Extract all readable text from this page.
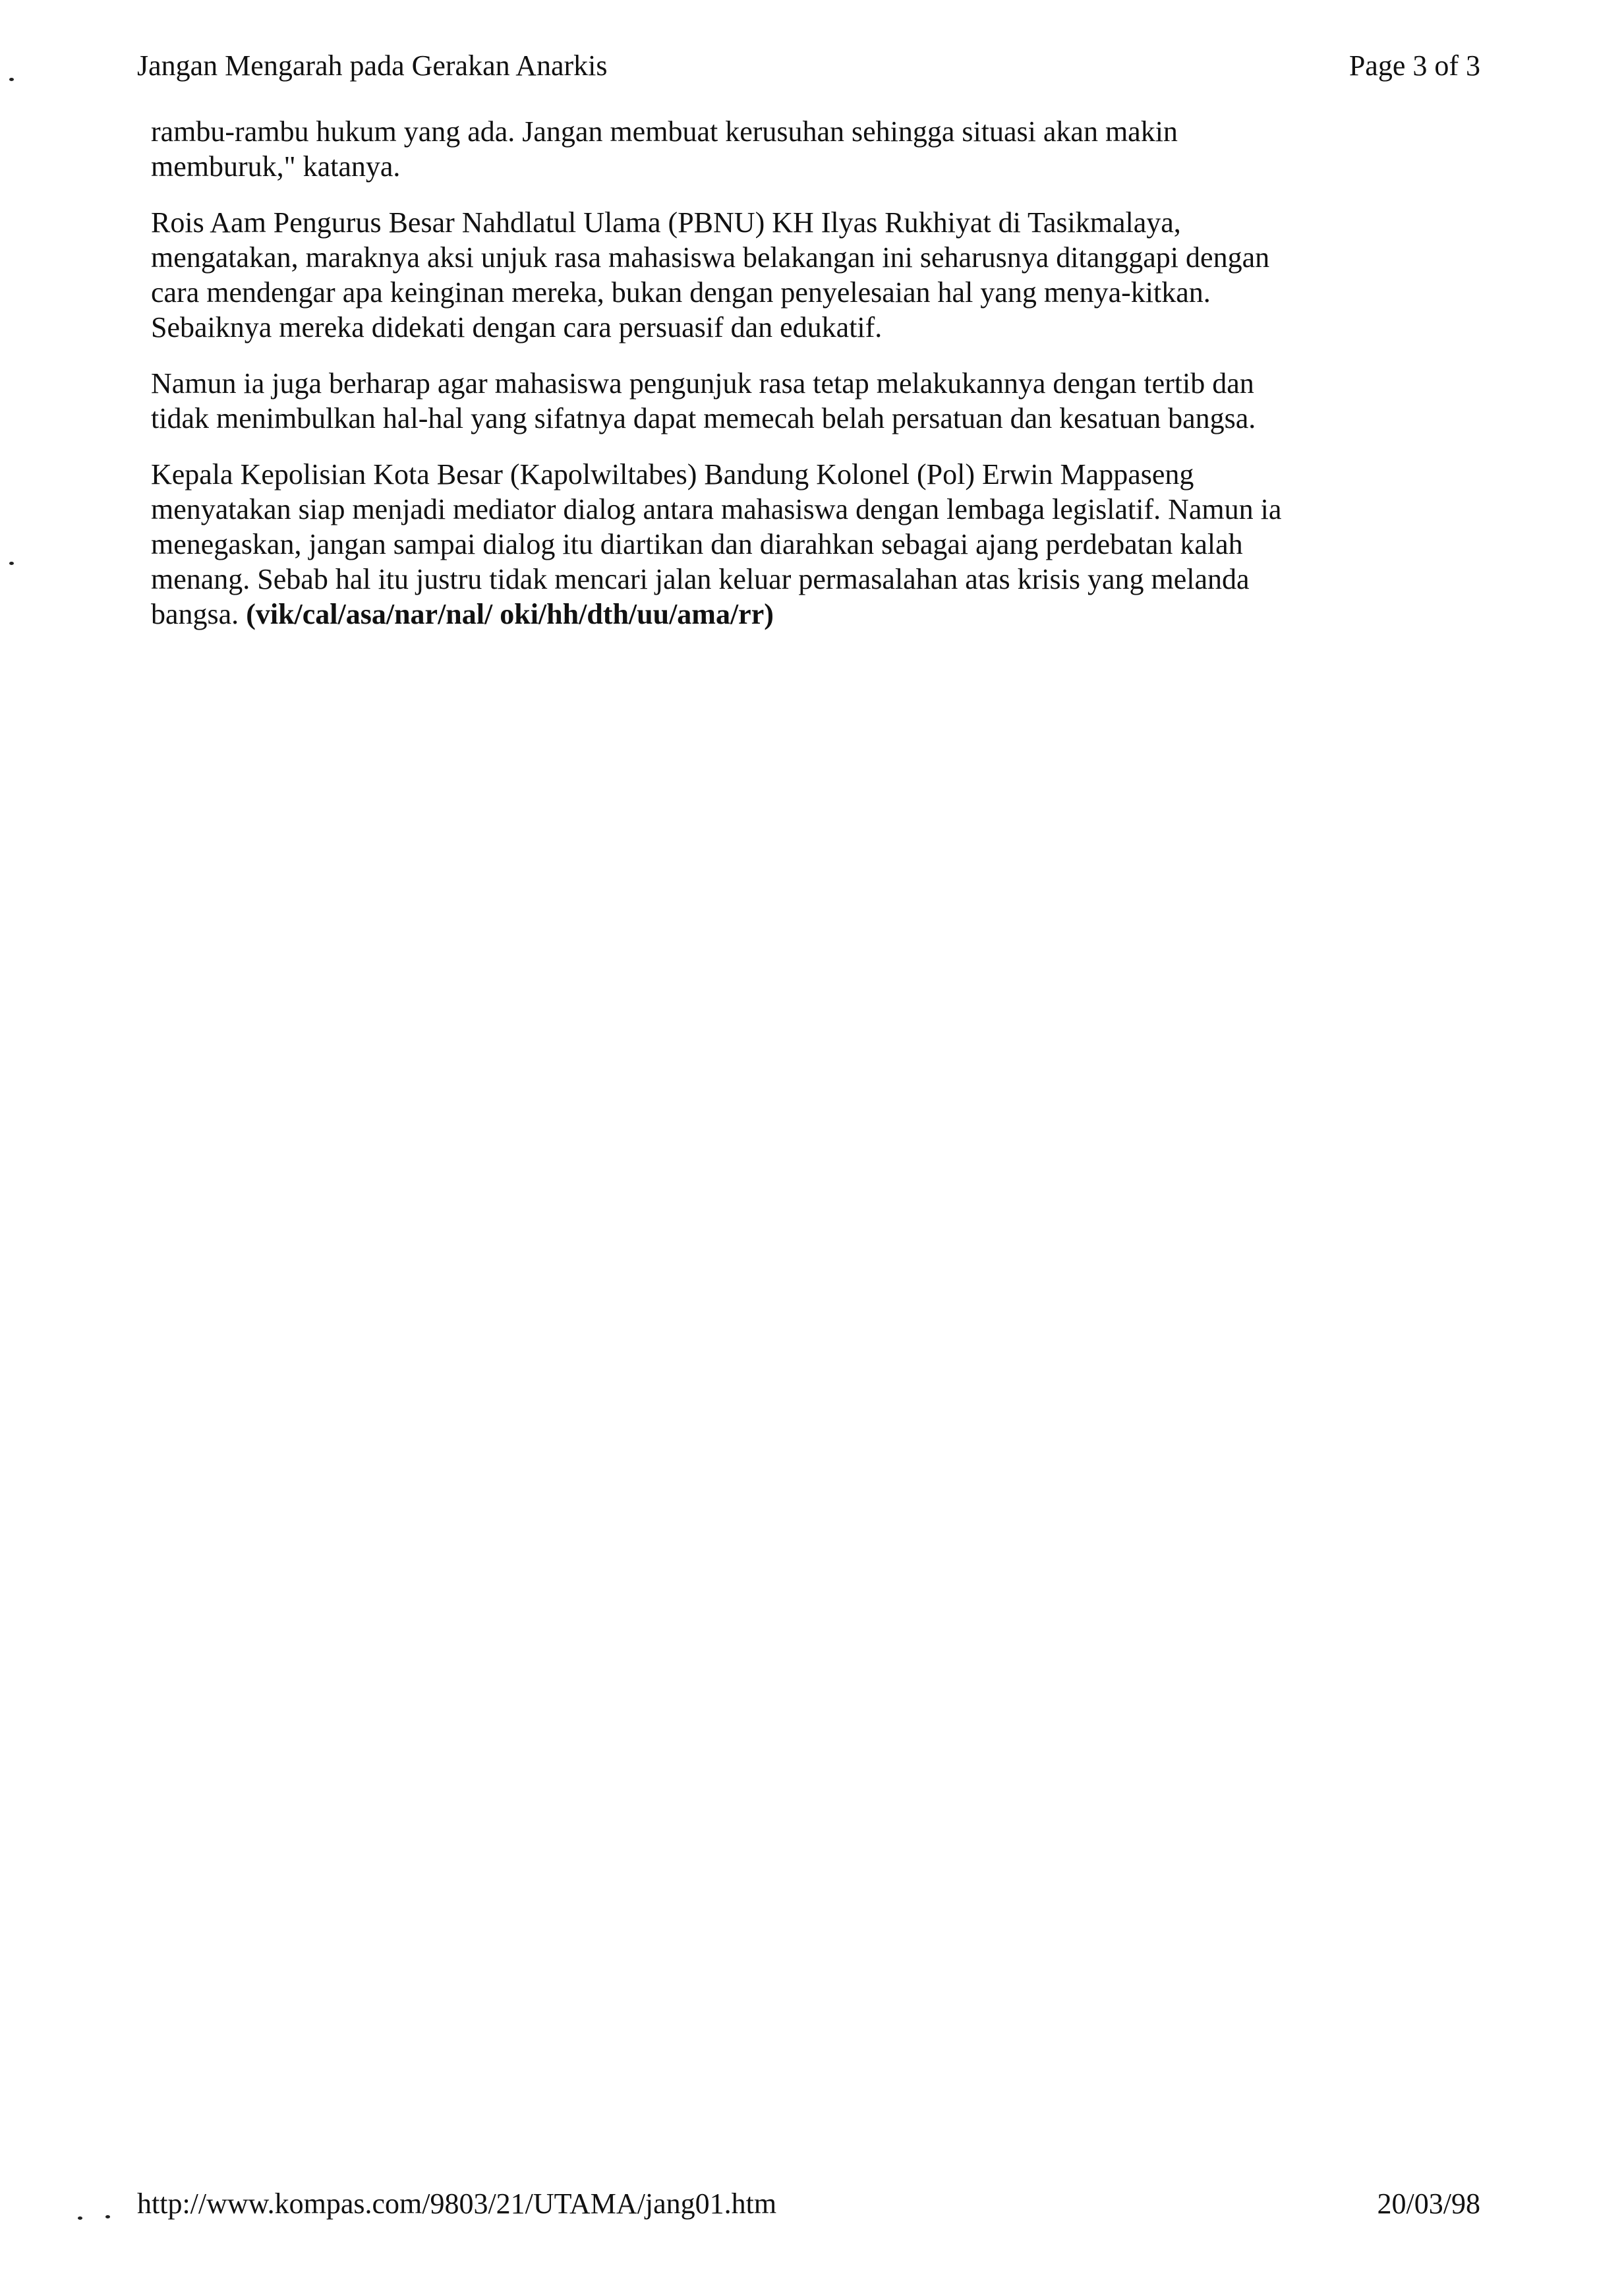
Jangan Mengarah pada Gerakan Anarkis	Page 3 of 3

rambu-rambu hukum yang ada. Jangan membuat kerusuhan sehingga situasi akan makin
memburuk," katanya.

Rois Aam Pengurus Besar Nahdlatul Ulama (PBNU) KH Ilyas Rukhiyat di Tasikmalaya,
mengatakan, maraknya aksi unjuk rasa mahasiswa belakangan ini seharusnya ditanggapi dengan
cara mendengar apa keinginan mereka, bukan dengan penyelesaian hal yang menya-kitkan.
Sebaiknya mereka didekati dengan cara persuasif dan edukatif.

Namun ia juga berharap agar mahasiswa pengunjuk rasa tetap melakukannya dengan tertib dan
tidak menimbulkan hal-hal yang sifatnya dapat memecah belah persatuan dan kesatuan bangsa.

Kepala Kepolisian Kota Besar (Kapolwiltabes) Bandung Kolonel (Pol) Erwin Mappaseng
menyatakan siap menjadi mediator dialog antara mahasiswa dengan lembaga legislatif. Namun ia
menegaskan, jangan sampai dialog itu diartikan dan diarahkan sebagai ajang perdebatan kalah
menang. Sebab hal itu justru tidak mencari jalan keluar permasalahan atas krisis yang melanda
bangsa. (vik/cal/asa/nar/nal/ oki/hh/dth/uu/ama/rr)

http://www.kompas.com/9803/21/UTAMA/jang01.htm	20/03/98
